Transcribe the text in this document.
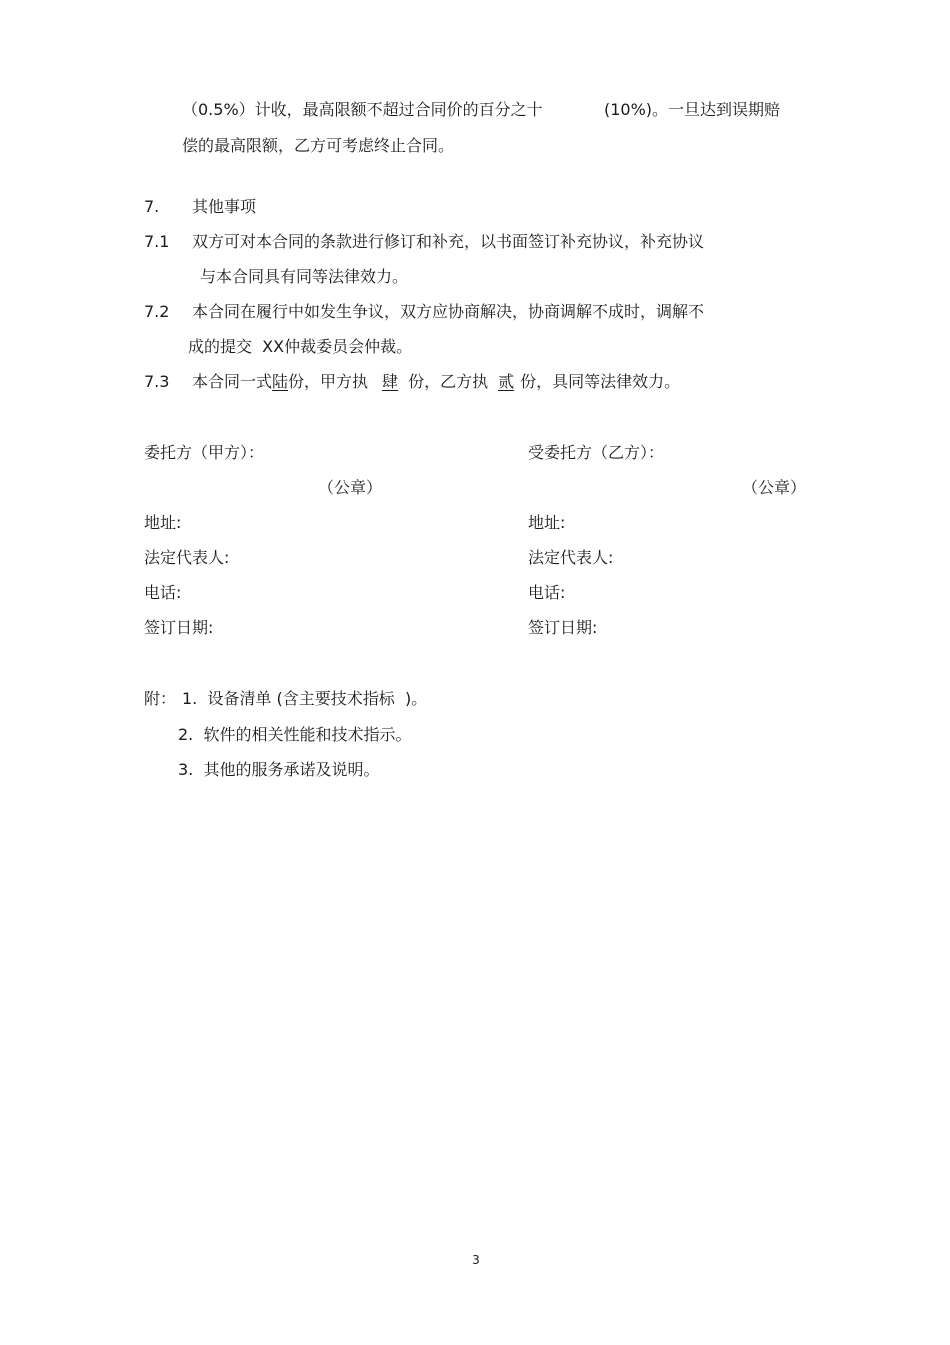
（0.5%）计收，最高限额不超过合同价的百分之十	(10%)。一旦达到误期赔
偿的最高限额，乙方可考虑终止合同。
7. 其他事项
7.1 双方可对本合同的条款进行修订和补充，以书面签订补充协议，补充协议
与本合同具有同等法律效力。
7.2 本合同在履行中如发生争议，双方应协商解决，协商调解不成时，调解不
成的提交  XX仲裁委员会仲裁。
7.3 本合同一式陆份，甲方执 肆 份，乙方执 贰 份，具同等法律效力。
委托方（甲方）：
（公章）
地址:
法定代表人:
电话:
签订日期:
受委托方（乙方）：
（公章）
地址:
法定代表人:
电话:
签订日期:
附： 1.  设备清单 (含主要技术指标  )。
2.  软件的相关性能和技术指示。
3.  其他的服务承诺及说明。
3
